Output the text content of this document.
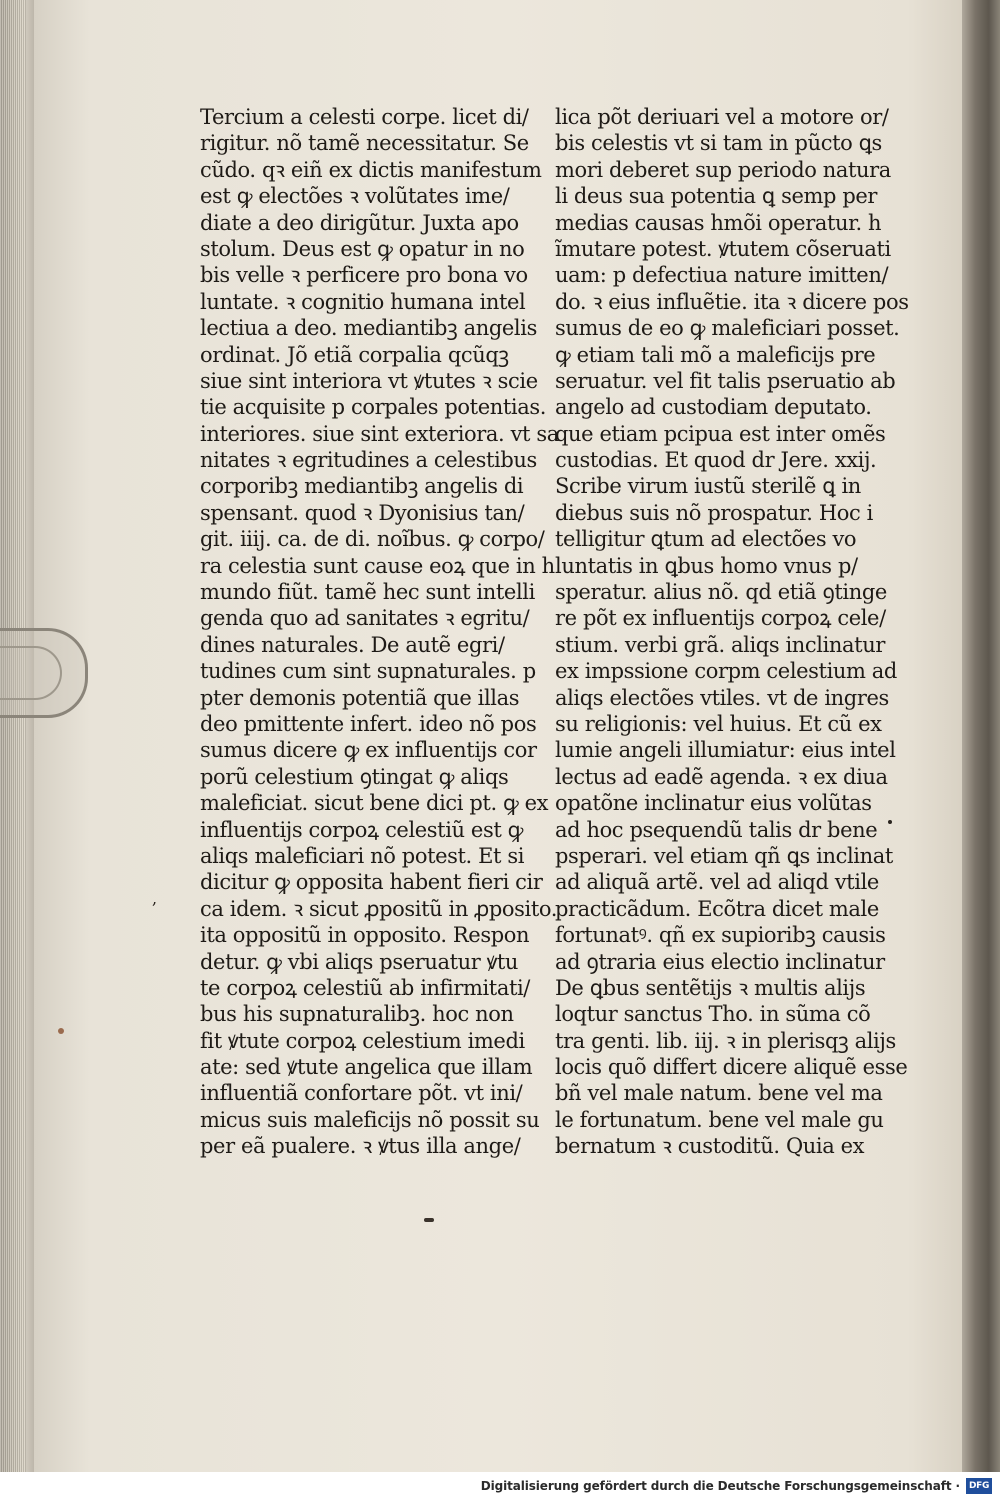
Tercium a celesti corpe. licet di/
rigitur. nõ tamẽ necessitatur. Se
cũdo. qꝛ eiñ ex dictis manifestum
est ꝙ electões ꝛ volũtates ime/
diate a deo dirigũtur. Juxta apo
stolum. Deus est ꝙ opatur in no
bis velle ꝛ perficere pro bona vo
luntate. ꝛ cognitio humana intel
lectiua a deo. mediantibꝫ angelis
ordinat. Jõ etiã corpalia qcũqꝫ
siue sint interiora vt ꝟtutes ꝛ scie
tie acquisite p corpales potentias.
interiores. siue sint exteriora. vt sa
nitates ꝛ egritudines a celestibus
corporibꝫ mediantibꝫ angelis di
spensant. quod ꝛ Dyonisius tan/
git. iiij. ca. de di. noĩbus. ꝙ corpo/
ra celestia sunt cause eoꝝ que in h
mundo fiũt. tamẽ hec sunt intelli
genda quo ad sanitates ꝛ egritu/
dines naturales. De autẽ egri/
tudines cum sint supnaturales. p
pter demonis potentiã que illas
deo pmittente infert. ideo nõ pos
sumus dicere ꝙ ex influentijs cor
porũ celestium ꝯtingat ꝙ aliqs
maleficiat. sicut bene dici pt. ꝙ ex
influentijs corpoꝝ celestiũ est ꝙ
aliqs maleficiari nõ potest. Et si
dicitur ꝙ opposita habent fieri cir
ca idem. ꝛ sicut ꝓpositũ in ꝓposito.
ita oppositũ in opposito. Respon
detur. ꝙ vbi aliqs pseruatur ꝟtu
te corpoꝝ celestiũ ab infirmitati/
bus his supnaturalibꝫ. hoc non
fit ꝟtute corpoꝝ celestium imedi
ate: sed ꝟtute angelica que illam
influentiã confortare põt. vt ini/
micus suis maleficijs nõ possit su
per eã pualere. ꝛ ꝟtus illa ange/
lica põt deriuari vel a motore or/
bis celestis vt si tam in pũcto ꝗs
mori deberet sup periodo natura
li deus sua potentia ꝗ semp per
medias causas hmõi operatur. h
ĩmutare potest. ꝟtutem cõseruati
uam: p defectiua nature imitten/
do. ꝛ eius influẽtie. ita ꝛ dicere pos
sumus de eo ꝙ maleficiari posset.
ꝙ etiam tali mõ a maleficijs pre
seruatur. vel fit talis pseruatio ab
angelo ad custodiam deputato.
que etiam pcipua est inter omẽs
custodias. Et quod dr Jere. xxij.
Scribe virum iustũ sterilẽ ꝗ in
diebus suis nõ prospatur. Hoc i
telligitur ꝗtum ad electões vo
luntatis in ꝗbus homo vnus p/
speratur. alius nõ. qd etiã ꝯtinge
re põt ex influentijs corpoꝝ cele/
stium. verbi grã. aliqs inclinatur
ex impssione corpm celestium ad
aliqs electões vtiles. vt de ingres
su religionis: vel huius. Et cũ ex
lumie angeli illumiatur: eius intel
lectus ad eadẽ agenda. ꝛ ex diua
opatõne inclinatur eius volũtas
ad hoc psequendũ talis dr bene
psperari. vel etiam qñ ꝗs inclinat
ad aliquã artẽ. vel ad aliqd vtile
practicãdum. Ecõtra dicet male
fortunatꝰ. qñ ex supioribꝫ causis
ad ꝯtraria eius electio inclinatur
De ꝗbus sentẽtijs ꝛ multis alijs
loqtur sanctus Tho. in sũma cõ
tra genti. lib. iij. ꝛ in plerisqꝫ alijs
locis quõ differt dicere aliquẽ esse
bñ vel male natum. bene vel ma
le fortunatum. bene vel male gu
bernatum ꝛ custoditũ. Quia ex
,
Digitalisierung gefördert durch die Deutsche Forschungsgemeinschaft · DFG
